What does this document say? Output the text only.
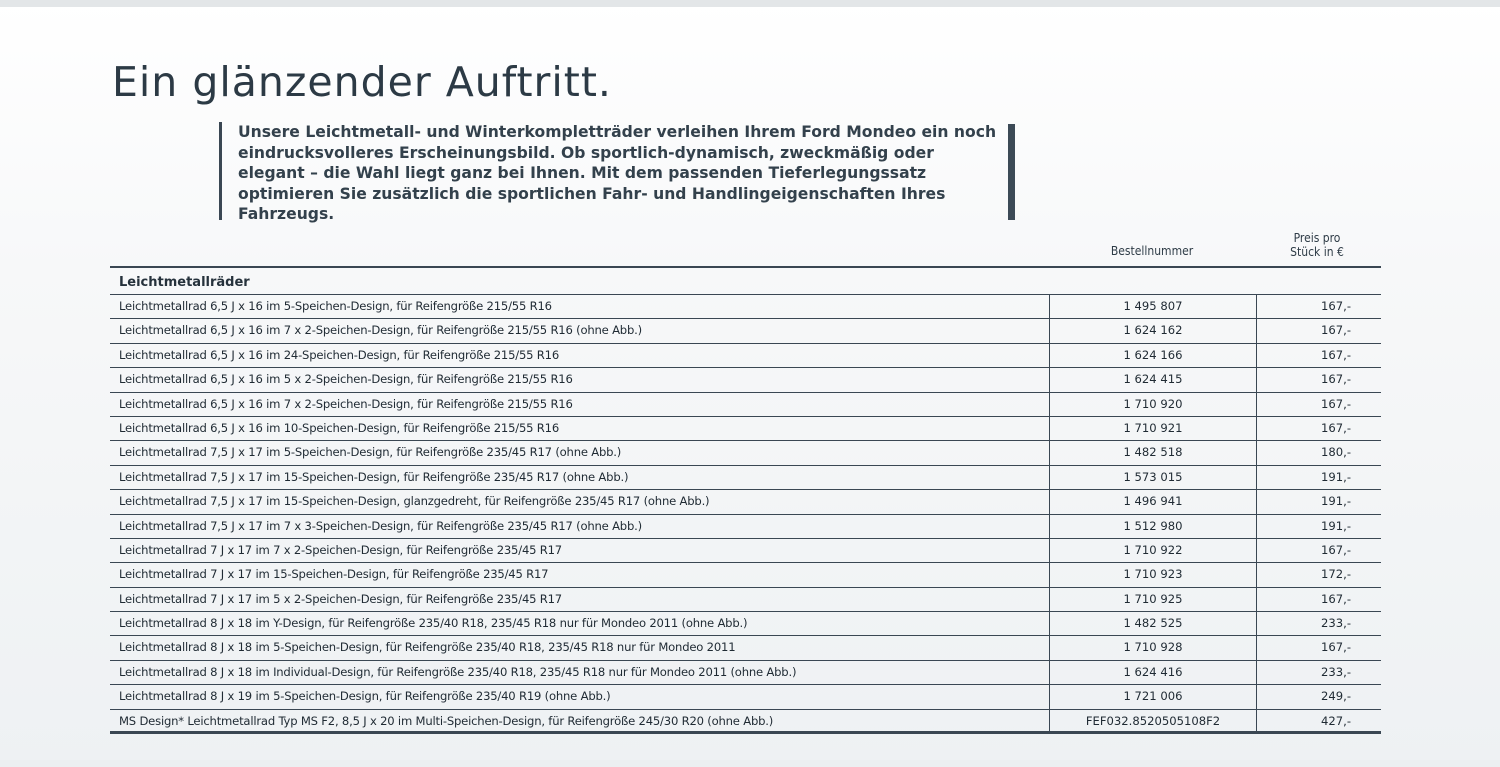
Ein glänzender Auftritt.

Unsere Leichtmetall- und Winterkompletträder verleihen Ihrem Ford Mondeo ein noch eindrucksvolleres Erscheinungsbild. Ob sportlich-dynamisch, zweckmäßig oder elegant – die Wahl liegt ganz bei Ihnen. Mit dem passenden Tieferlegungssatz optimieren Sie zusätzlich die sportlichen Fahr- und Handlingeigenschaften Ihres Fahrzeugs.

Bestellnummer
Preis pro
Stück in €
Leichtmetallräder
Leichtmetallrad 6,5 J x 16 im 5-Speichen-Design, für Reifengröße 215/55 R16	1 495 807	167,-
Leichtmetallrad 6,5 J x 16 im 7 x 2-Speichen-Design, für Reifengröße 215/55 R16 (ohne Abb.)	1 624 162	167,-
Leichtmetallrad 6,5 J x 16 im 24-Speichen-Design, für Reifengröße 215/55 R16	1 624 166	167,-
Leichtmetallrad 6,5 J x 16 im 5 x 2-Speichen-Design, für Reifengröße 215/55 R16	1 624 415	167,-
Leichtmetallrad 6,5 J x 16 im 7 x 2-Speichen-Design, für Reifengröße 215/55 R16	1 710 920	167,-
Leichtmetallrad 6,5 J x 16 im 10-Speichen-Design, für Reifengröße 215/55 R16	1 710 921	167,-
Leichtmetallrad 7,5 J x 17 im 5-Speichen-Design, für Reifengröße 235/45 R17 (ohne Abb.)	1 482 518	180,-
Leichtmetallrad 7,5 J x 17 im 15-Speichen-Design, für Reifengröße 235/45 R17 (ohne Abb.)	1 573 015	191,-
Leichtmetallrad 7,5 J x 17 im 15-Speichen-Design, glanzgedreht, für Reifengröße 235/45 R17 (ohne Abb.)	1 496 941	191,-
Leichtmetallrad 7,5 J x 17 im 7 x 3-Speichen-Design, für Reifengröße 235/45 R17 (ohne Abb.)	1 512 980	191,-
Leichtmetallrad 7 J x 17 im 7 x 2-Speichen-Design, für Reifengröße 235/45 R17	1 710 922	167,-
Leichtmetallrad 7 J x 17 im 15-Speichen-Design, für Reifengröße 235/45 R17	1 710 923	172,-
Leichtmetallrad 7 J x 17 im 5 x 2-Speichen-Design, für Reifengröße 235/45 R17	1 710 925	167,-
Leichtmetallrad 8 J x 18 im Y-Design, für Reifengröße 235/40 R18, 235/45 R18 nur für Mondeo 2011 (ohne Abb.)	1 482 525	233,-
Leichtmetallrad 8 J x 18 im 5-Speichen-Design, für Reifengröße 235/40 R18, 235/45 R18 nur für Mondeo 2011	1 710 928	167,-
Leichtmetallrad 8 J x 18 im Individual-Design, für Reifengröße 235/40 R18, 235/45 R18 nur für Mondeo 2011 (ohne Abb.)	1 624 416	233,-
Leichtmetallrad 8 J x 19 im 5-Speichen-Design, für Reifengröße 235/40 R19 (ohne Abb.)	1 721 006	249,-
MS Design* Leichtmetallrad Typ MS F2, 8,5 J x 20 im Multi-Speichen-Design, für Reifengröße 245/30 R20 (ohne Abb.)	FEF032.8520505108F2	427,-
